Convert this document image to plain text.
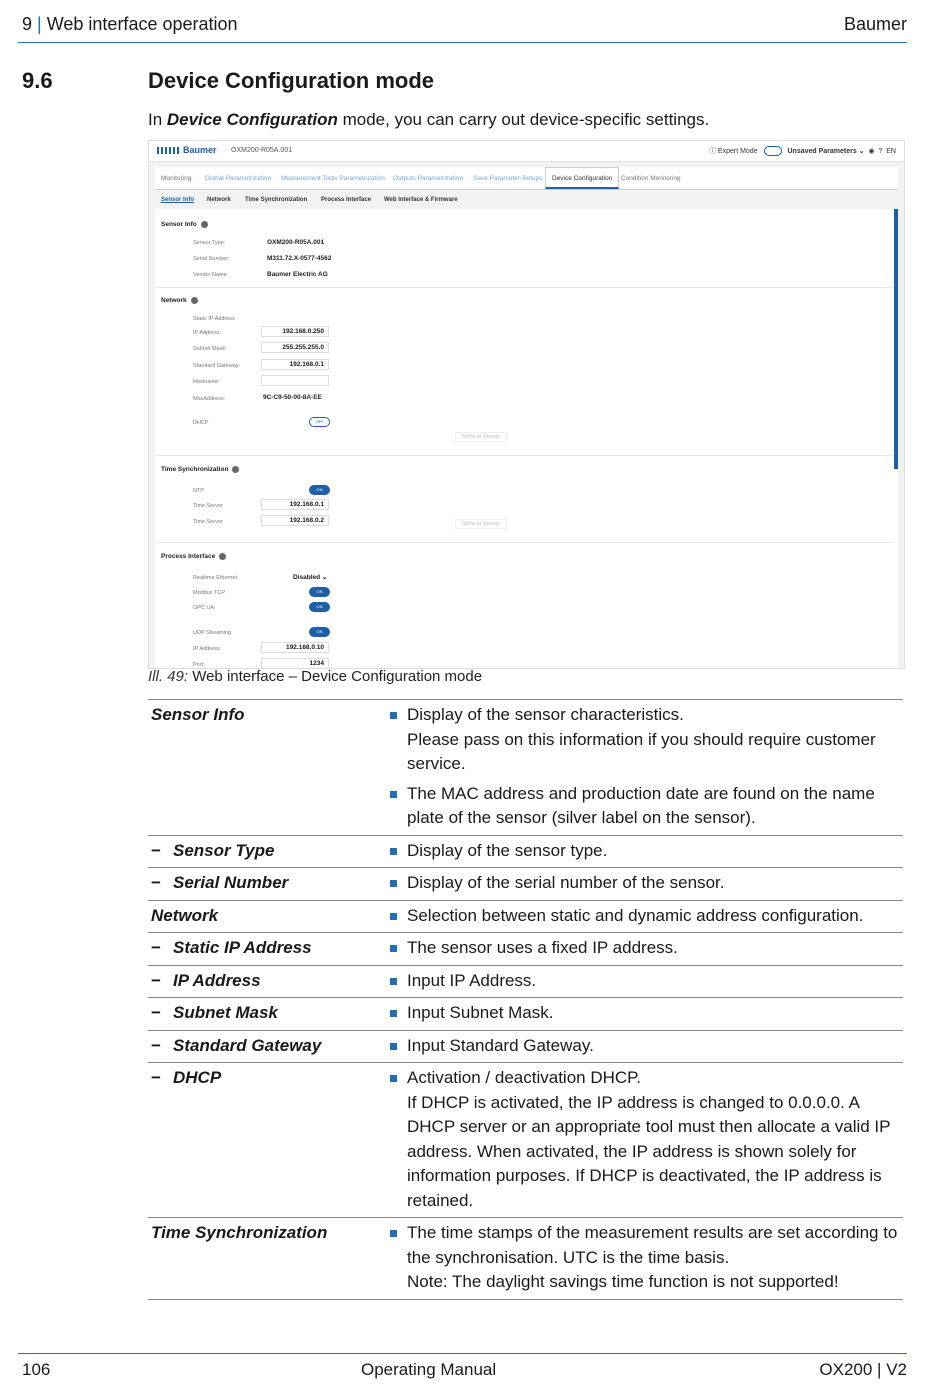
9 | Web interface operation	Baumer
9.6	Device Configuration mode
In Device Configuration mode, you can carry out device-specific settings.
Baumer OXM200-R05A.001	ⓘ Expert Mode	Unsaved Parameters ⌄ ◉ ? EN
Monitoring Global Parametrization Measurement Tools Parametrization Outputs Parametrization Save Parameter-Setups	Device Configuration	Condition Monitoring
Sensor Info Network Time Synchronization Process Interface Web Interface & Firmware
Sensor Info
Sensor Type:	OXM200-R05A.001
Serial Number:	M311.72.X-0577-4562
Vendor Name:	Baumer Electric AG
Network
Static IP Address
IP Address:	192.168.0.250
Subnet Mask:	255.255.255.0
Standard Gateway:	192.168.0.1
Hostname:
MacAddress:	9C-C9-50-00-8A-EE
DHCP	OFF
Store to Sensor
Time Synchronization
NTP	ON
Time Server	192.168.0.1
Time Server	192.168.0.2	Store to Sensor
Process Interface
Realtime Ethernet	Disabled ⌄
Modbus TCP	ON
OPC UA	ON
UDP Streaming	ON
IP Address:	192.168.0.10
Port:	1234
Ill. 49: Web interface – Device Configuration mode
Sensor Info	Display of the sensor characteristics.
Please pass on this information if you should require customer service.
The MAC address and production date are found on the name plate of the sensor (silver label on the sensor).
− Sensor Type	Display of the sensor type.
− Serial Number	Display of the serial number of the sensor.
Network	Selection between static and dynamic address configuration.
− Static IP Address	The sensor uses a fixed IP address.
− IP Address	Input IP Address.
− Subnet Mask	Input Subnet Mask.
− Standard Gateway	Input Standard Gateway.
− DHCP	Activation / deactivation DHCP.
If DHCP is activated, the IP address is changed to 0.0.0.0. A DHCP server or an appropriate tool must then allocate a valid IP address. When activated, the IP address is shown solely for information purposes. If DHCP is deactivated, the IP address is retained.
Time Synchronization	The time stamps of the measurement results are set according to the synchronisation. UTC is the time basis.
Note: The daylight savings time function is not supported!
106	Operating Manual	OX200 | V2
